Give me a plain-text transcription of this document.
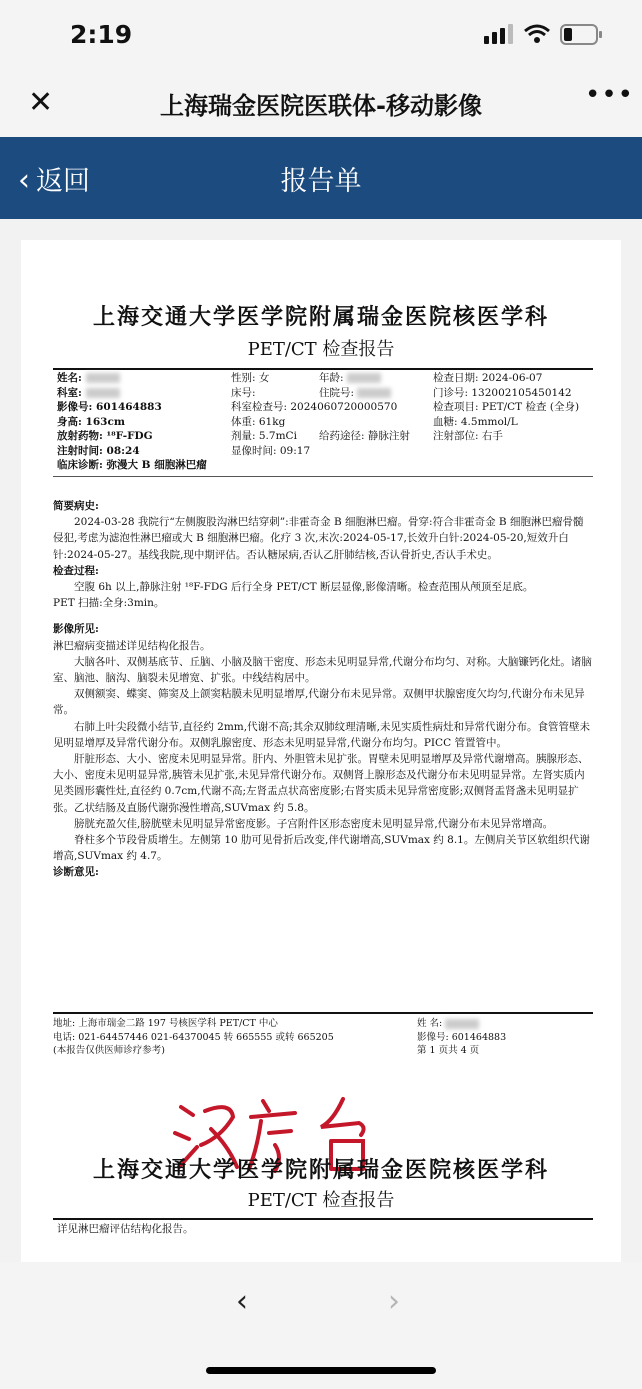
2:19
✕	上海瑞金医院医联体-移动影像	•••
‹ 返回	报告单
上海交通大学医学院附属瑞金医院核医学科
PET/CT 检查报告
姓名:	性别: 女	年龄:	检查日期: 2024-06-07
科室:	床号:	住院号:	门诊号: 132002105450142
影像号: 601464883	科室检查号: 2024060720000570	检查项目: PET/CT 检查 (全身)
身高: 163cm	体重: 61kg	血糖: 4.5mmol/L
放射药物: ¹⁸F-FDG	剂量: 5.7mCi 给药途径: 静脉注射 注射部位: 右手
注射时间: 08:24	显像时间: 09:17
临床诊断: 弥漫大 B 细胞淋巴瘤

简要病史:

2024-03-28 我院行“左侧腹股沟淋巴结穿刺”:非霍奇金 B 细胞淋巴瘤。骨穿:符合非霍奇金 B 细胞淋巴瘤骨髓侵犯,考虑为滤泡性淋巴瘤或大 B 细胞淋巴瘤。化疗 3 次,末次:2024-05-17,长效升白针:2024-05-20,短效升白针:2024-05-27。基线我院,现中期评估。否认糖尿病,否认乙肝肺结核,否认骨折史,否认手术史。

检查过程:

空腹 6h 以上,静脉注射 ¹⁸F-FDG 后行全身 PET/CT 断层显像,影像清晰。检查范围从颅顶至足底。

PET 扫描:全身:3min。

影像所见:

淋巴瘤病变描述详见结构化报告。

大脑各叶、双侧基底节、丘脑、小脑及脑干密度、形态未见明显异常,代谢分布均匀、对称。大脑镰钙化灶。诸脑室、脑池、脑沟、脑裂未见增宽、扩张。中线结构居中。

双侧额窦、蝶窦、筛窦及上颌窦粘膜未见明显增厚,代谢分布未见异常。双侧甲状腺密度欠均匀,代谢分布未见异常。

右肺上叶尖段微小结节,直径约 2mm,代谢不高;其余双肺纹理清晰,未见实质性病灶和异常代谢分布。食管管壁未见明显增厚及异常代谢分布。双侧乳腺密度、形态未见明显异常,代谢分布均匀。PICC 管置管中。

肝脏形态、大小、密度未见明显异常。肝内、外胆管未见扩张。胃壁未见明显增厚及异常代谢增高。胰腺形态、大小、密度未见明显异常,胰管未见扩张,未见异常代谢分布。双侧肾上腺形态及代谢分布未见明显异常。左肾实质内见类圆形囊性灶,直径约 0.7cm,代谢不高;左肾盂点状高密度影;右肾实质未见异常密度影;双侧肾盂肾盏未见明显扩张。乙状结肠及直肠代谢弥漫性增高,SUVmax 约 5.8。

膀胱充盈欠佳,膀胱壁未见明显异常密度影。子宫附件区形态密度未见明显异常,代谢分布未见异常增高。

脊柱多个节段骨质增生。左侧第 10 肋可见骨折后改变,伴代谢增高,SUVmax 约 8.1。左侧肩关节区软组织代谢增高,SUVmax 约 4.7。

诊断意见:

地址: 上海市瑞金二路 197 号核医学科 PET/CT 中心	姓 名:
电话: 021-64457446 021-64370045 转 665555 或转 665205	影像号: 601464883
(本报告仅供医师诊疗参考)	第 1 页共 4 页
上海交通大学医学院附属瑞金医院核医学科
PET/CT 检查报告
详见淋巴瘤评估结构化报告。
‹	›
